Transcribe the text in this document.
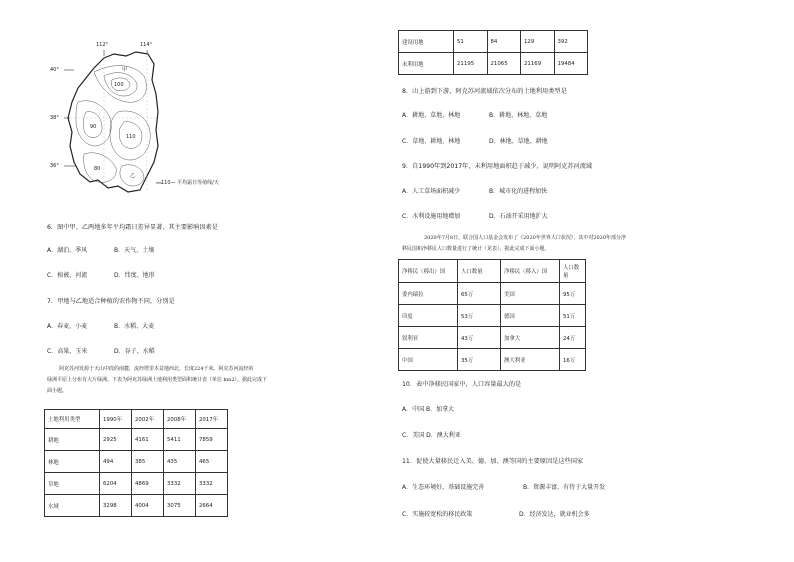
112°	114°
40°
38°
36°
100
90
110
80
甲
乙
—110— 平均霜日等值线/天
6．图中甲、乙两地多年平均霜日差异显著，其主要影响因素是
A．湖泊、季风	B．天气、土壤
C．植被、河流	D．纬度、地形
7．甲地与乙地适合种植的农作物不同，分别是
A．春麦、小麦	B．水稻、大麦
C．高粱、玉米	D．谷子、水稻
阿克苏河发源于天山中段的南麓，流经塔里木盆地西北，长度224千米。阿克苏河流经的
绿洲平原上分布有大片绿洲。下表为阿克苏绿洲土地利用类型面积统计表（单位 km2）。据此完成下
面小题。
土地利用类型	1990年	2002年	2008年	2017年
耕地	2925	4161	5411	7859
林地	494	385	435	465
草地	6204	4869	3332	3332
水域	3298	4004	3075	2664
建设用地	51	84	129	392
未利用地	21195	21065	21169	19484
8．山上游到下游，阿克苏河流域依次分布的土地利用类型是
A．耕地、草地、林地	B．耕地、林地、草地
C．草地、耕地、林地	D．林地、草地、耕地
9．自1990年到2017年，未利用地面积趋于减少，说明阿克苏河流域
A．人工草场面积减少	B．城市化的进程加快
C．水利设施用地增加	D．石油开采用地扩大
2020年7月8日，联合国人口基金会发布了《2020年世界人口状况》，其中对2020年部分净
移民国和净移民人口数量进行了统计（见表）。据此完成下面小题。
净移民（移出）国	人口数量	净移民（移入）国	人口数量
委内瑞拉	65万	美国	95万
印度	53万	德国	51万
叙利亚	43万	加拿大	24万
中国	35万	澳大利亚	16万
10．表中净移民国家中，人口容量最大的是
A．中国 B．加拿大
C．美国 D．澳大利亚
11．促使大量移民迁入美、德、加、澳等国的主要原因是这些国家
A．生态环境好，基础设施完善	B．资源丰富，有待于大量开发
C．实施较宽松的移民政策	D．经济发达，就业机会多
